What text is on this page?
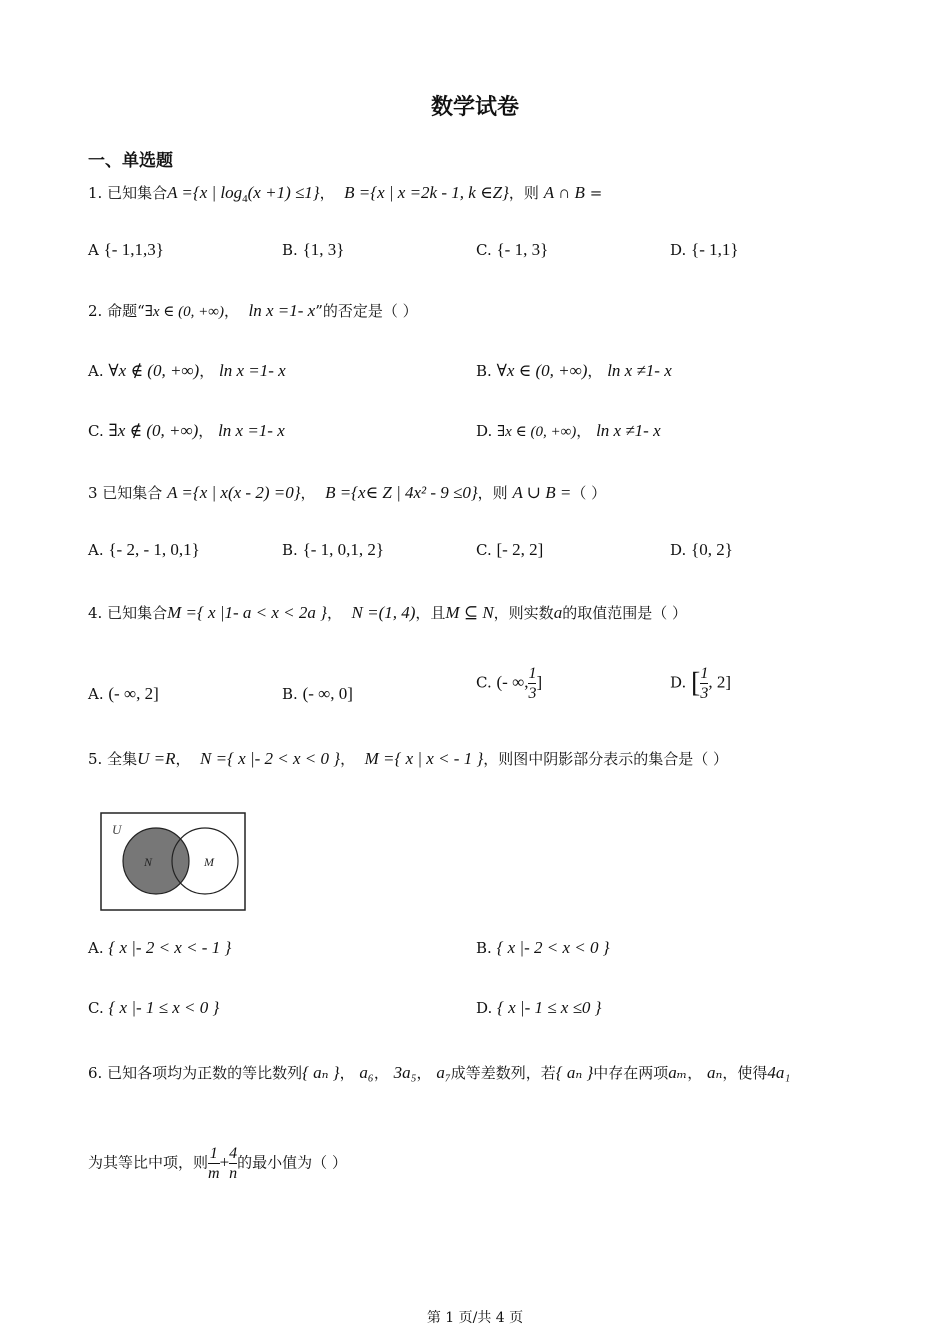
数学试卷
一、单选题
1. 已知集合A ={x | $\log_4(x +1) \le 1$}， B ={x | x =2k - 1, k ∈Z}，则 A ∩ B =
A {- 1,1,3}	B. {1, 3}	C. {- 1, 3}	D. {- 1,1}
2. 命题“∃x ∈ (0, +∞)， ln x =1- x”的否定是（ ）
A. ∀x ∉ (0, +∞)， ln x =1- x	B. ∀x ∈ (0, +∞)， ln x ≠1- x
C. ∃x ∉ (0, +∞)， ln x =1- x	D. ∃x ∈ (0, +∞)， ln x ≠1- x
3 已知集合 A ={x | x(x - 2) =0}， B ={x∈ Z | 4x² - 9 ≤0}，则 A ∪ B =（ ）
A. {- 2, - 1, 0,1}	B. {- 1, 0,1, 2}	C. [- 2, 2]	D. {0, 2}
4. 已知集合M ={ x |1- a < x < 2a }， N =(1, 4)，且M ⊆ N，则实数a的取值范围是（ ）
A. (- ∞, 2]	B. (- ∞, 0]
C. (- ∞, $\frac{1}{3}$ ]	D. [ $\frac{1}{3}$ , 2]
5. 全集U =R， N ={ x |- 2 < x < 0 }， M ={ x | x < - 1 }，则图中阴影部分表示的集合是（ ）
U
N	M
A. { x |- 2 < x < - 1 }	B. { x |- 2 < x < 0 }
C. { x |- 1 ≤ x < 0 }	D. { x |- 1 ≤ x ≤0 }
6. 已知各项均为正数的等比数列{ aₙ }， a₆， 3a₅， a₇成等差数列，若{ aₙ }中存在两项aₘ， aₙ，使得4a₁
为其等比中项，则 $\frac{1}{m} + \frac{4}{n}$ 的最小值为（ ）
第 1 页/共 4 页
